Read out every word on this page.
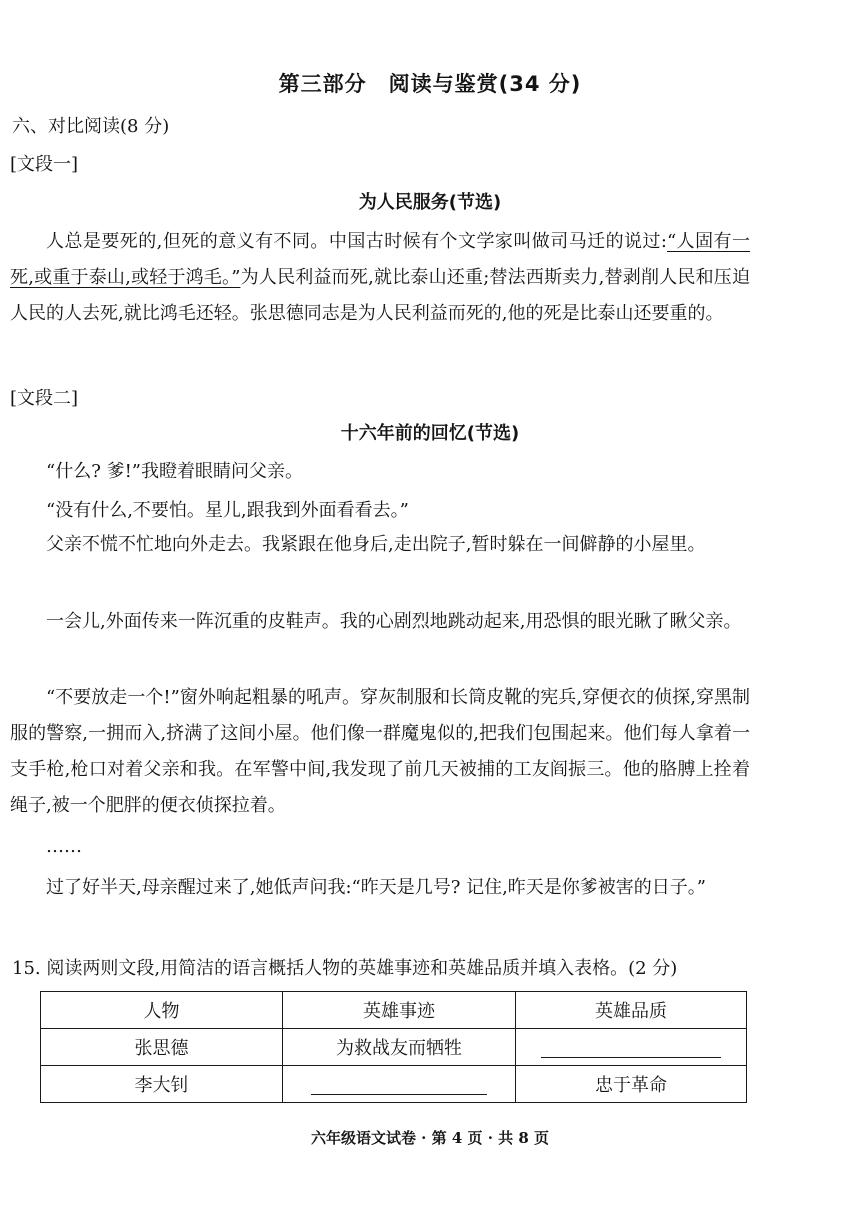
第三部分　阅读与鉴赏(34 分)
六、对比阅读(8 分)
[文段一]
为人民服务(节选)

人总是要死的,但死的意义有不同。中国古时候有个文学家叫做司马迁的说过:“人固有一死,或重于泰山,或轻于鸿毛。”为人民利益而死,就比泰山还重;替法西斯卖力,替剥削人民和压迫人民的人去死,就比鸿毛还轻。张思德同志是为人民利益而死的,他的死是比泰山还要重的。

[文段二]
十六年前的回忆(节选)
“什么? 爹!”我瞪着眼睛问父亲。
“没有什么,不要怕。星儿,跟我到外面看看去。”

父亲不慌不忙地向外走去。我紧跟在他身后,走出院子,暂时躲在一间僻静的小屋里。

一会儿,外面传来一阵沉重的皮鞋声。我的心剧烈地跳动起来,用恐惧的眼光瞅了瞅父亲。

“不要放走一个!”窗外响起粗暴的吼声。穿灰制服和长筒皮靴的宪兵,穿便衣的侦探,穿黑制服的警察,一拥而入,挤满了这间小屋。他们像一群魔鬼似的,把我们包围起来。他们每人拿着一支手枪,枪口对着父亲和我。在军警中间,我发现了前几天被捕的工友阎振三。他的胳膊上拴着绳子,被一个肥胖的便衣侦探拉着。

……

过了好半天,母亲醒过来了,她低声问我:“昨天是几号? 记住,昨天是你爹被害的日子。”

15. 阅读两则文段,用简洁的语言概括人物的英雄事迹和英雄品质并填入表格。(2 分)
人物	英雄事迹	英雄品质
张思德	为救战友而牺牲	
李大钊		忠于革命
六年级语文试卷 · 第 4 页 · 共 8 页
